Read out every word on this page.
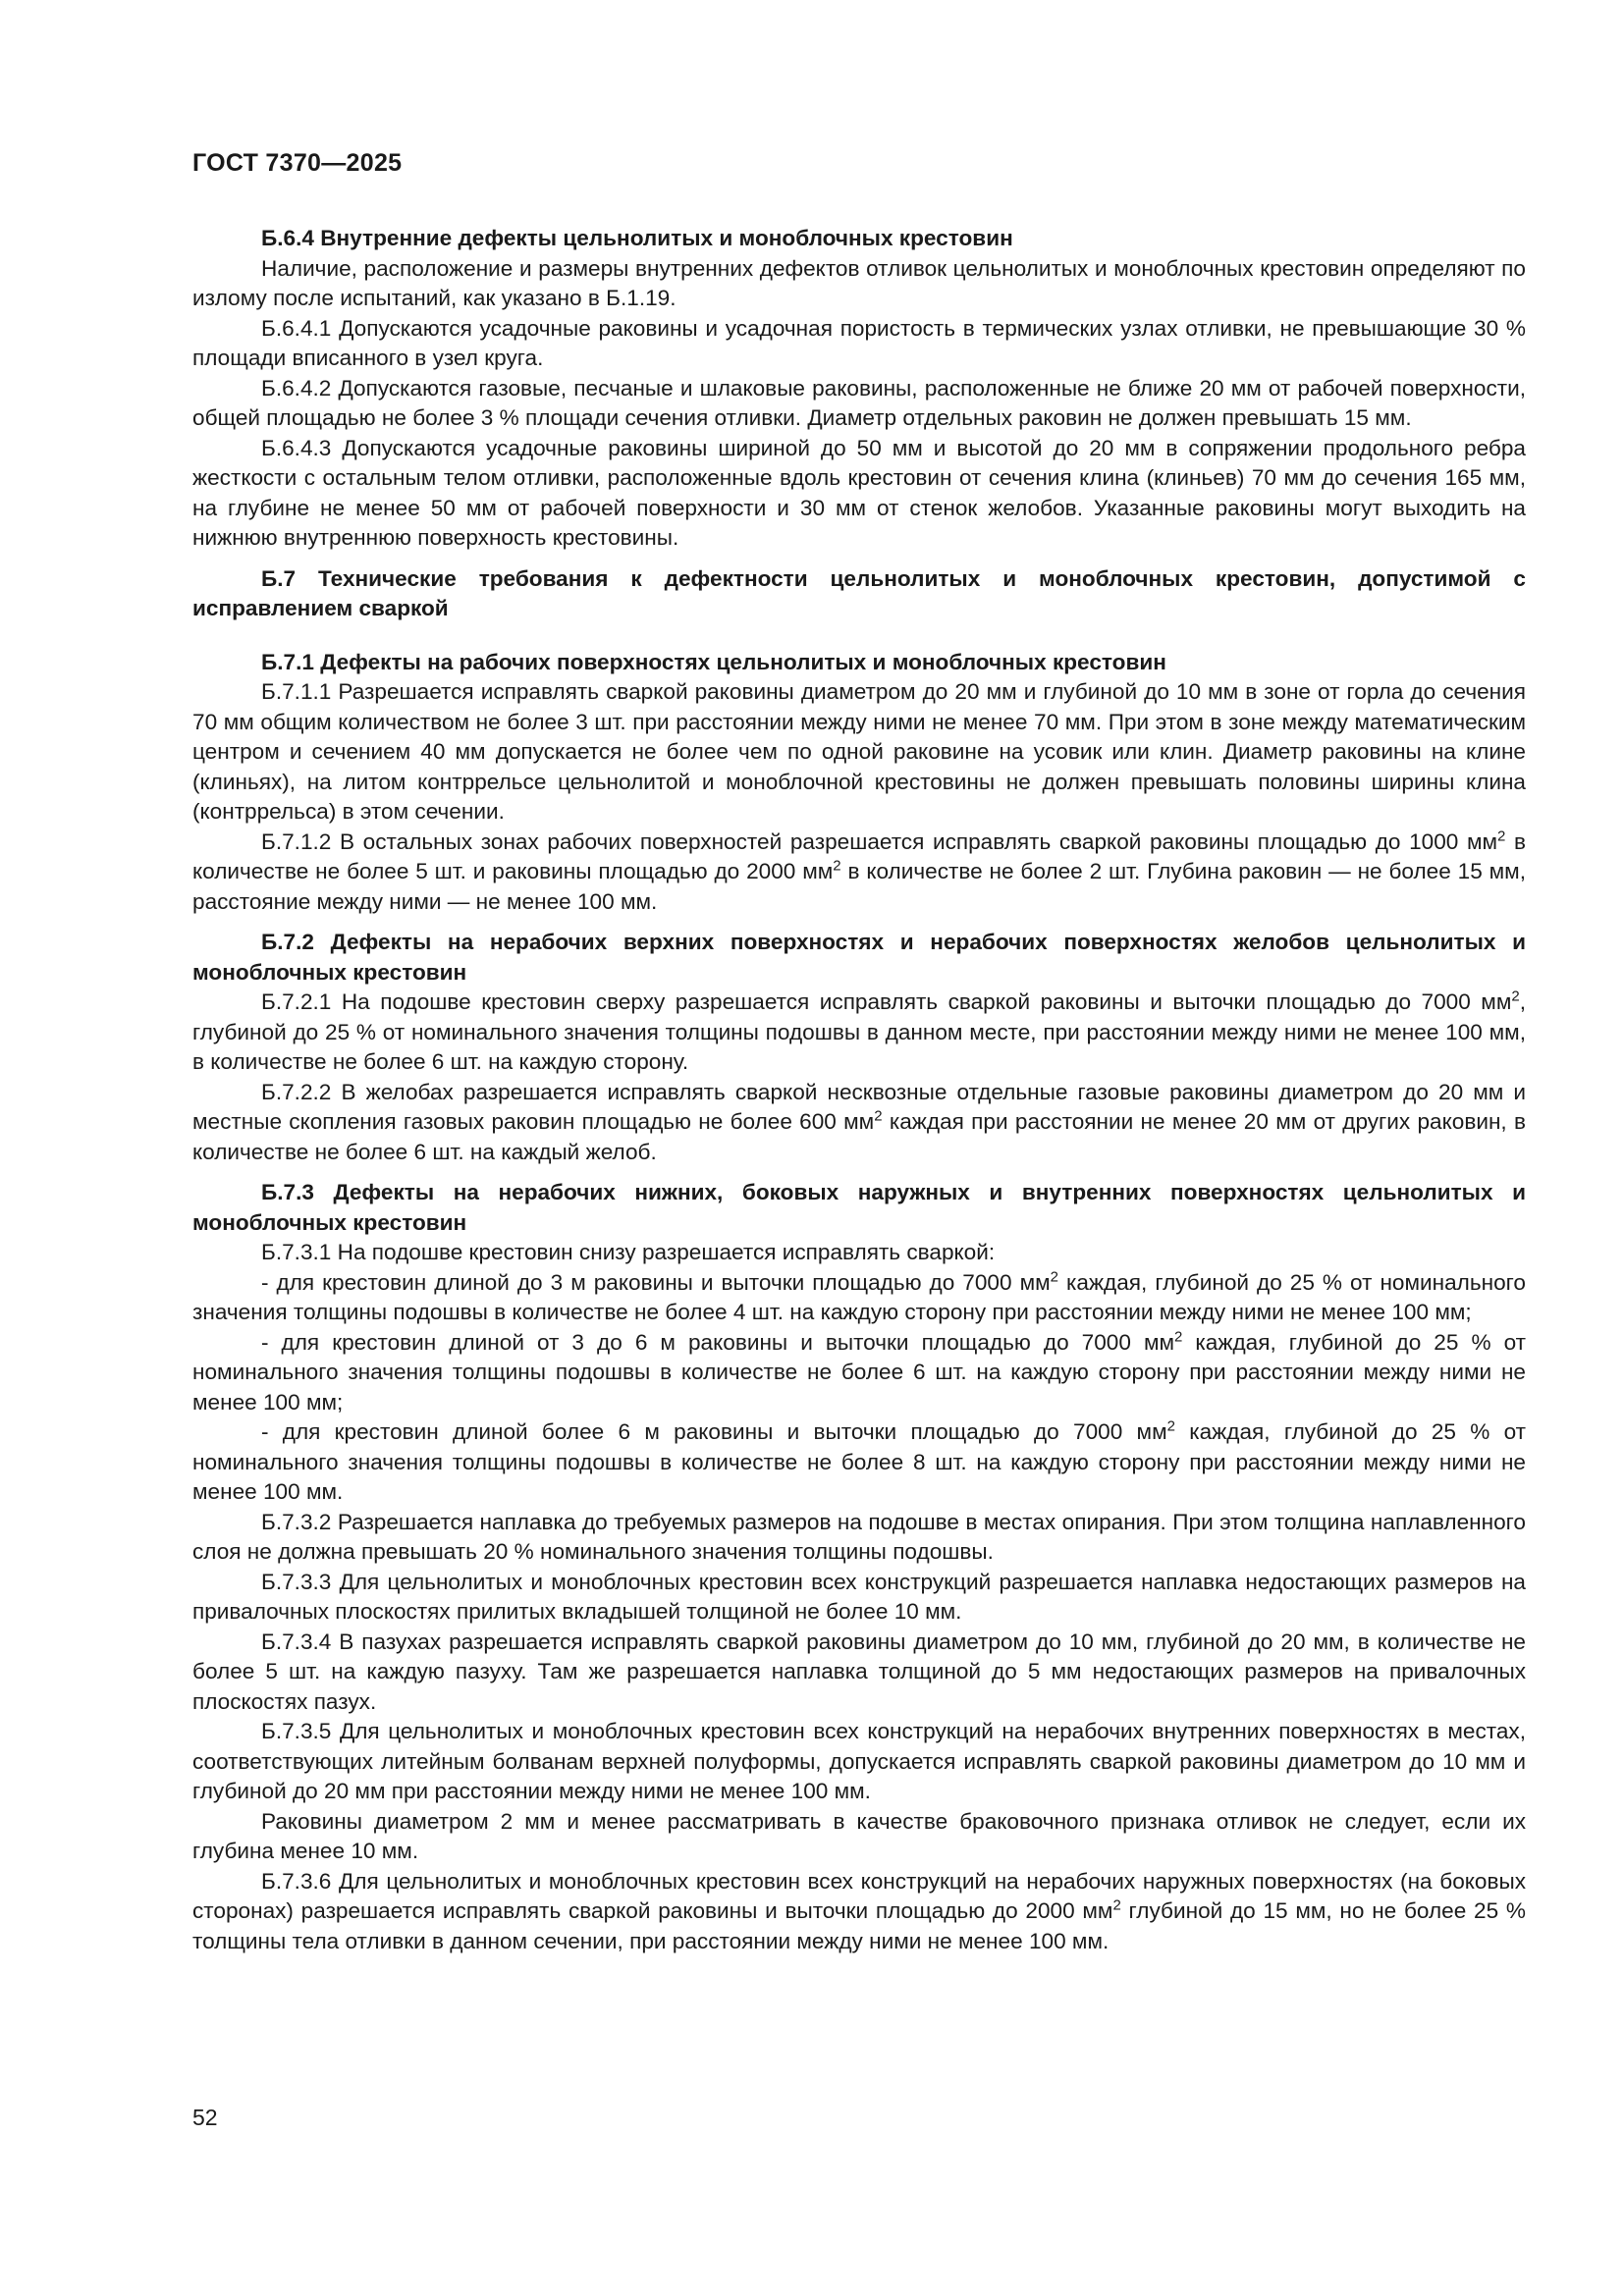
ГОСТ 7370—2025

Б.6.4 Внутренние дефекты цельнолитых и моноблочных крестовин

Наличие, расположение и размеры внутренних дефектов отливок цельнолитых и моноблочных крестовин определяют по излому после испытаний, как указано в Б.1.19.

Б.6.4.1 Допускаются усадочные раковины и усадочная пористость в термических узлах отливки, не превышающие 30 % площади вписанного в узел круга.

Б.6.4.2 Допускаются газовые, песчаные и шлаковые раковины, расположенные не ближе 20 мм от рабочей поверхности, общей площадью не более 3 % площади сечения отливки. Диаметр отдельных раковин не должен превышать 15 мм.

Б.6.4.3 Допускаются усадочные раковины шириной до 50 мм и высотой до 20 мм в сопряжении продольного ребра жесткости с остальным телом отливки, расположенные вдоль крестовин от сечения клина (клиньев) 70 мм до сечения 165 мм, на глубине не менее 50 мм от рабочей поверхности и 30 мм от стенок желобов. Указанные раковины могут выходить на нижнюю внутреннюю поверхность крестовины.

Б.7 Технические требования к дефектности цельнолитых и моноблочных крестовин, допустимой с исправлением сваркой

Б.7.1 Дефекты на рабочих поверхностях цельнолитых и моноблочных крестовин

Б.7.1.1 Разрешается исправлять сваркой раковины диаметром до 20 мм и глубиной до 10 мм в зоне от горла до сечения 70 мм общим количеством не более 3 шт. при расстоянии между ними не менее 70 мм. При этом в зоне между математическим центром и сечением 40 мм допускается не более чем по одной раковине на усовик или клин. Диаметр раковины на клине (клиньях), на литом контррельсе цельнолитой и моноблочной крестовины не должен превышать половины ширины клина (контррельса) в этом сечении.

Б.7.1.2 В остальных зонах рабочих поверхностей разрешается исправлять сваркой раковины площадью до 1000 $мм^2$ в количестве не более 5 шт. и раковины площадью до 2000 $мм^2$ в количестве не более 2 шт. Глубина раковин — не более 15 мм, расстояние между ними — не менее 100 мм.

Б.7.2 Дефекты на нерабочих верхних поверхностях и нерабочих поверхностях желобов цельнолитых и моноблочных крестовин

Б.7.2.1 На подошве крестовин сверху разрешается исправлять сваркой раковины и выточки площадью до 7000 $мм^2$, глубиной до 25 % от номинального значения толщины подошвы в данном месте, при расстоянии между ними не менее 100 мм, в количестве не более 6 шт. на каждую сторону.

Б.7.2.2 В желобах разрешается исправлять сваркой несквозные отдельные газовые раковины диаметром до 20 мм и местные скопления газовых раковин площадью не более 600 $мм^2$ каждая при расстоянии не менее 20 мм от других раковин, в количестве не более 6 шт. на каждый желоб.

Б.7.3 Дефекты на нерабочих нижних, боковых наружных и внутренних поверхностях цельнолитых и моноблочных крестовин

Б.7.3.1 На подошве крестовин снизу разрешается исправлять сваркой:

- для крестовин длиной до 3 м раковины и выточки площадью до 7000 $мм^2$ каждая, глубиной до 25 % от номинального значения толщины подошвы в количестве не более 4 шт. на каждую сторону при расстоянии между ними не менее 100 мм;

- для крестовин длиной от 3 до 6 м раковины и выточки площадью до 7000 $мм^2$ каждая, глубиной до 25 % от номинального значения толщины подошвы в количестве не более 6 шт. на каждую сторону при расстоянии между ними не менее 100 мм;

- для крестовин длиной более 6 м раковины и выточки площадью до 7000 $мм^2$ каждая, глубиной до 25 % от номинального значения толщины подошвы в количестве не более 8 шт. на каждую сторону при расстоянии между ними не менее 100 мм.

Б.7.3.2 Разрешается наплавка до требуемых размеров на подошве в местах опирания. При этом толщина наплавленного слоя не должна превышать 20 % номинального значения толщины подошвы.

Б.7.3.3 Для цельнолитых и моноблочных крестовин всех конструкций разрешается наплавка недостающих размеров на привалочных плоскостях прилитых вкладышей толщиной не более 10 мм.

Б.7.3.4 В пазухах разрешается исправлять сваркой раковины диаметром до 10 мм, глубиной до 20 мм, в количестве не более 5 шт. на каждую пазуху. Там же разрешается наплавка толщиной до 5 мм недостающих размеров на привалочных плоскостях пазух.

Б.7.3.5 Для цельнолитых и моноблочных крестовин всех конструкций на нерабочих внутренних поверхностях в местах, соответствующих литейным болванам верхней полуформы, допускается исправлять сваркой раковины диаметром до 10 мм и глубиной до 20 мм при расстоянии между ними не менее 100 мм.

Раковины диаметром 2 мм и менее рассматривать в качестве браковочного признака отливок не следует, если их глубина менее 10 мм.

Б.7.3.6 Для цельнолитых и моноблочных крестовин всех конструкций на нерабочих наружных поверхностях (на боковых сторонах) разрешается исправлять сваркой раковины и выточки площадью до 2000 $мм^2$ глубиной до 15 мм, но не более 25 % толщины тела отливки в данном сечении, при расстоянии между ними не менее 100 мм.

52
